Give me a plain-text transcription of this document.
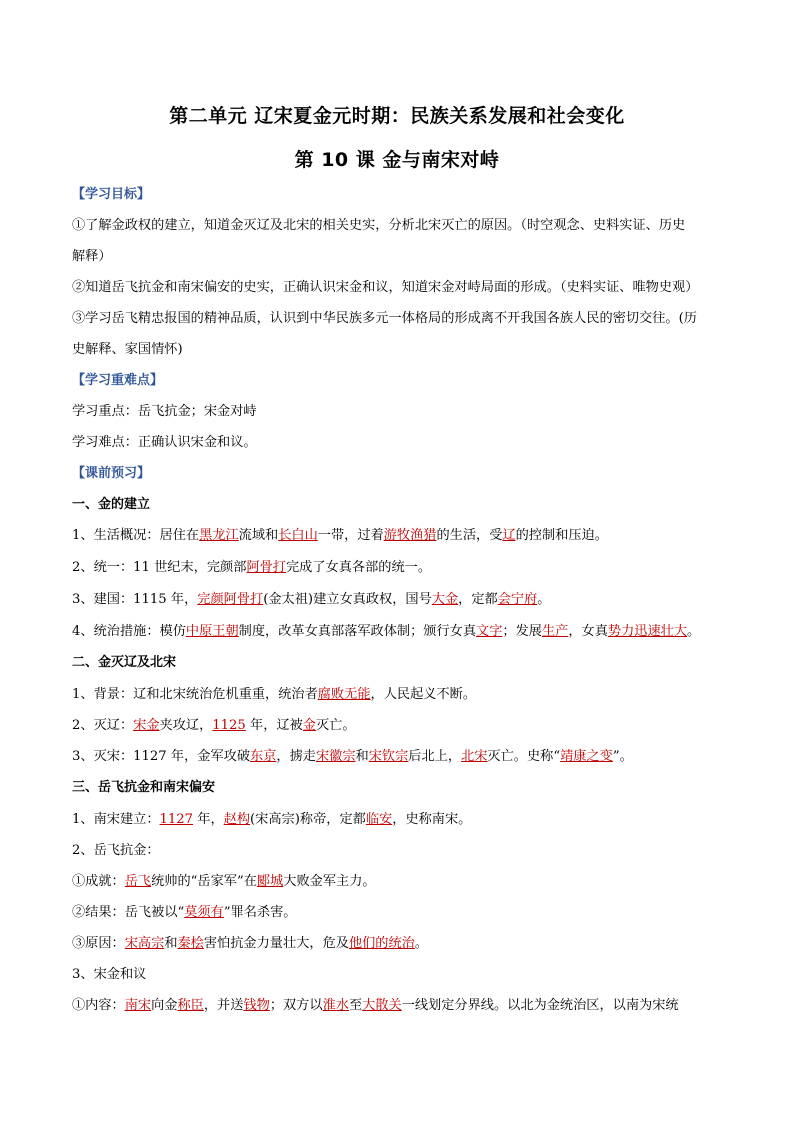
第二单元 辽宋夏金元时期：民族关系发展和社会变化
第 10 课 金与南宋对峙
【学习目标】
①了解金政权的建立，知道金灭辽及北宋的相关史实，分析北宋灭亡的原因。（时空观念、史料实证、历史
解释）
②知道岳飞抗金和南宋偏安的史实，正确认识宋金和议，知道宋金对峙局面的形成。（史料实证、唯物史观）
③学习岳飞精忠报国的精神品质，认识到中华民族多元一体格局的形成离不开我国各族人民的密切交往。(历
史解释、家国情怀)
【学习重难点】
学习重点：岳飞抗金；宋金对峙
学习难点：正确认识宋金和议。
【课前预习】
一、金的建立
1、生活概况：居住在黑龙江流域和长白山一带，过着游牧渔猎的生活，受辽的控制和压迫。
2、统一：11 世纪末，完颜部阿骨打完成了女真各部的统一。
3、建国：1115 年，完颜阿骨打(金太祖)建立女真政权，国号大金，定都会宁府。
4、统治措施：模仿中原王朝制度，改革女真部落军政体制；颁行女真文字；发展生产，女真势力迅速壮大。
二、金灭辽及北宋
1、背景：辽和北宋统治危机重重，统治者腐败无能，人民起义不断。
2、灭辽：宋金夹攻辽，1125 年，辽被金灭亡。
3、灭宋：1127 年，金军攻破东京，掳走宋徽宗和宋钦宗后北上，北宋灭亡。史称“靖康之变”。
三、岳飞抗金和南宋偏安
1、南宋建立：1127 年，赵构(宋高宗)称帝，定都临安，史称南宋。
2、岳飞抗金：
①成就：岳飞统帅的“岳家军”在郾城大败金军主力。
②结果：岳飞被以“莫须有”罪名杀害。
③原因：宋高宗和秦桧害怕抗金力量壮大，危及他们的统治。
3、宋金和议
①内容：南宋向金称臣，并送钱物；双方以淮水至大散关一线划定分界线。以北为金统治区，以南为宋统
